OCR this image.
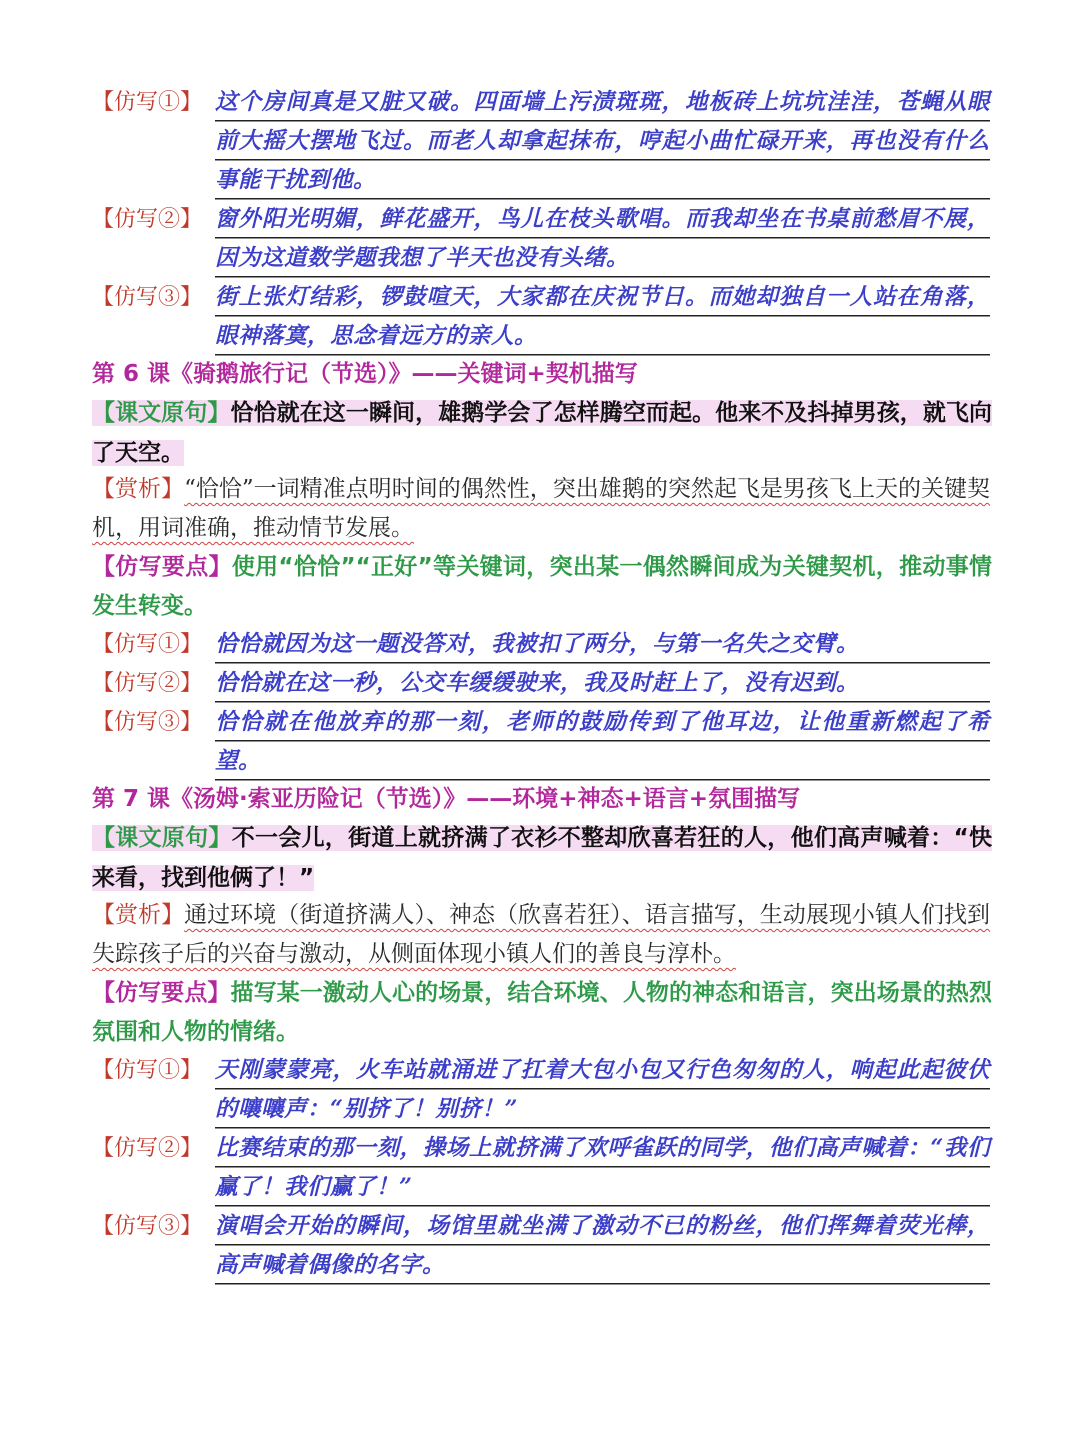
【仿写①】 这个房间真是又脏又破。四面墙上污渍斑斑，地板砖上坑坑洼洼，苍蝇从眼前大摇大摆地飞过。而老人却拿起抹布，哼起小曲忙碌开来，再也没有什么事能干扰到他。
【仿写②】 窗外阳光明媚，鲜花盛开，鸟儿在枝头歌唱。而我却坐在书桌前愁眉不展，因为这道数学题我想了半天也没有头绪。
【仿写③】 街上张灯结彩，锣鼓喧天，大家都在庆祝节日。而她却独自一人站在角落，眼神落寞，思念着远方的亲人。
第 6 课《骑鹅旅行记（节选）》——关键词+契机描写
【课文原句】恰恰就在这一瞬间，雄鹅学会了怎样腾空而起。他来不及抖掉男孩，就飞向了天空。
【赏析】“恰恰”一词精准点明时间的偶然性，突出雄鹅的突然起飞是男孩飞上天的关键契机，用词准确，推动情节发展。
【仿写要点】使用“恰恰”“正好”等关键词，突出某一偶然瞬间成为关键契机，推动事情发生转变。
【仿写①】 恰恰就因为这一题没答对，我被扣了两分，与第一名失之交臂。
【仿写②】 恰恰就在这一秒，公交车缓缓驶来，我及时赶上了，没有迟到。
【仿写③】 恰恰就在他放弃的那一刻，老师的鼓励传到了他耳边，让他重新燃起了希望。
第 7 课《汤姆·索亚历险记（节选）》——环境+神态+语言+氛围描写
【课文原句】不一会儿，街道上就挤满了衣衫不整却欣喜若狂的人，他们高声喊着：“快来看，找到他俩了！”
【赏析】通过环境（街道挤满人）、神态（欣喜若狂）、语言描写，生动展现小镇人们找到失踪孩子后的兴奋与激动，从侧面体现小镇人们的善良与淳朴。
【仿写要点】描写某一激动人心的场景，结合环境、人物的神态和语言，突出场景的热烈氛围和人物的情绪。
【仿写①】 天刚蒙蒙亮，火车站就涌进了扛着大包小包又行色匆匆的人，响起此起彼伏的嚷嚷声：“别挤了！别挤！”
【仿写②】 比赛结束的那一刻，操场上就挤满了欢呼雀跃的同学，他们高声喊着：“我们赢了！我们赢了！”
【仿写③】 演唱会开始的瞬间，场馆里就坐满了激动不已的粉丝，他们挥舞着荧光棒，高声喊着偶像的名字。
